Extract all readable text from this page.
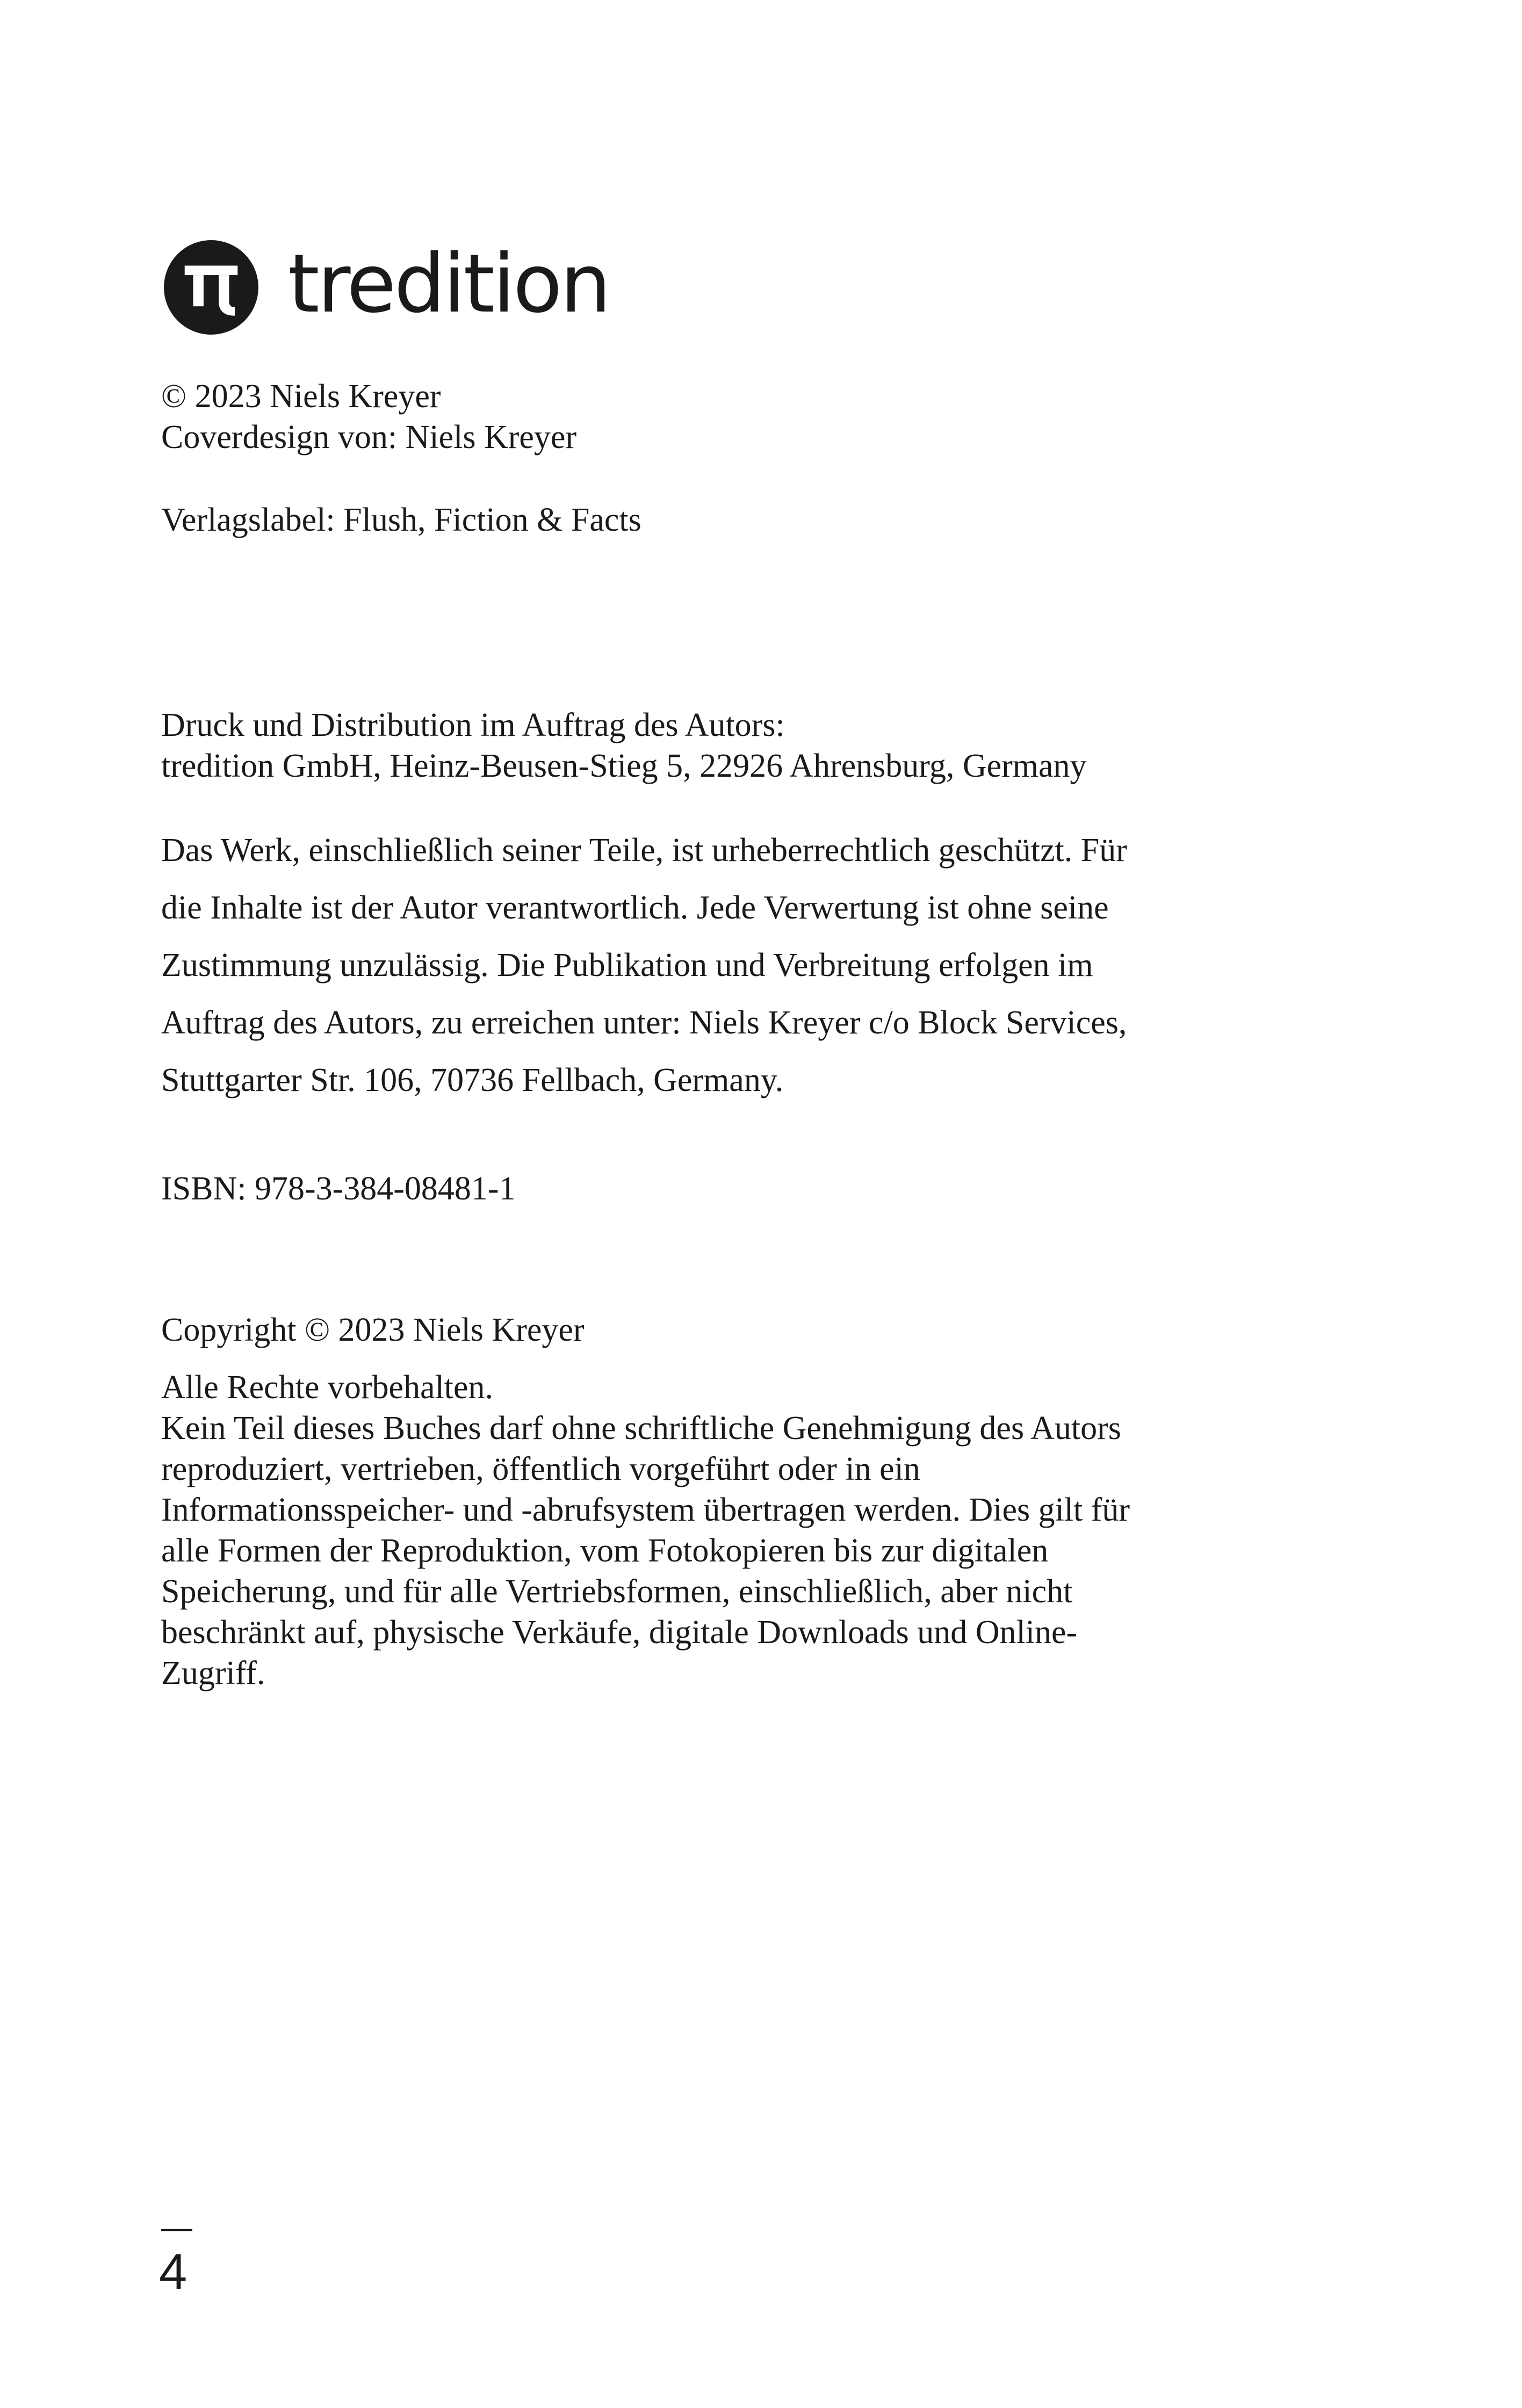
tredition
© 2023 Niels Kreyer
Coverdesign von: Niels Kreyer
Verlagslabel: Flush, Fiction & Facts
Druck und Distribution im Auftrag des Autors:
tredition GmbH, Heinz-Beusen-Stieg 5, 22926 Ahrensburg, Germany
Das Werk, einschließlich seiner Teile, ist urheberrechtlich geschützt. Für
die Inhalte ist der Autor verantwortlich. Jede Verwertung ist ohne seine
Zustimmung unzulässig. Die Publikation und Verbreitung erfolgen im
Auftrag des Autors, zu erreichen unter: Niels Kreyer c/o Block Services,
Stuttgarter Str. 106, 70736 Fellbach, Germany.
ISBN: 978-3-384-08481-1
Copyright © 2023 Niels Kreyer
Alle Rechte vorbehalten.
Kein Teil dieses Buches darf ohne schriftliche Genehmigung des Autors
reproduziert, vertrieben, öffentlich vorgeführt oder in ein
Informationsspeicher- und -abrufsystem übertragen werden. Dies gilt für
alle Formen der Reproduktion, vom Fotokopieren bis zur digitalen
Speicherung, und für alle Vertriebsformen, einschließlich, aber nicht
beschränkt auf, physische Verkäufe, digitale Downloads und Online-
Zugriff.
4
